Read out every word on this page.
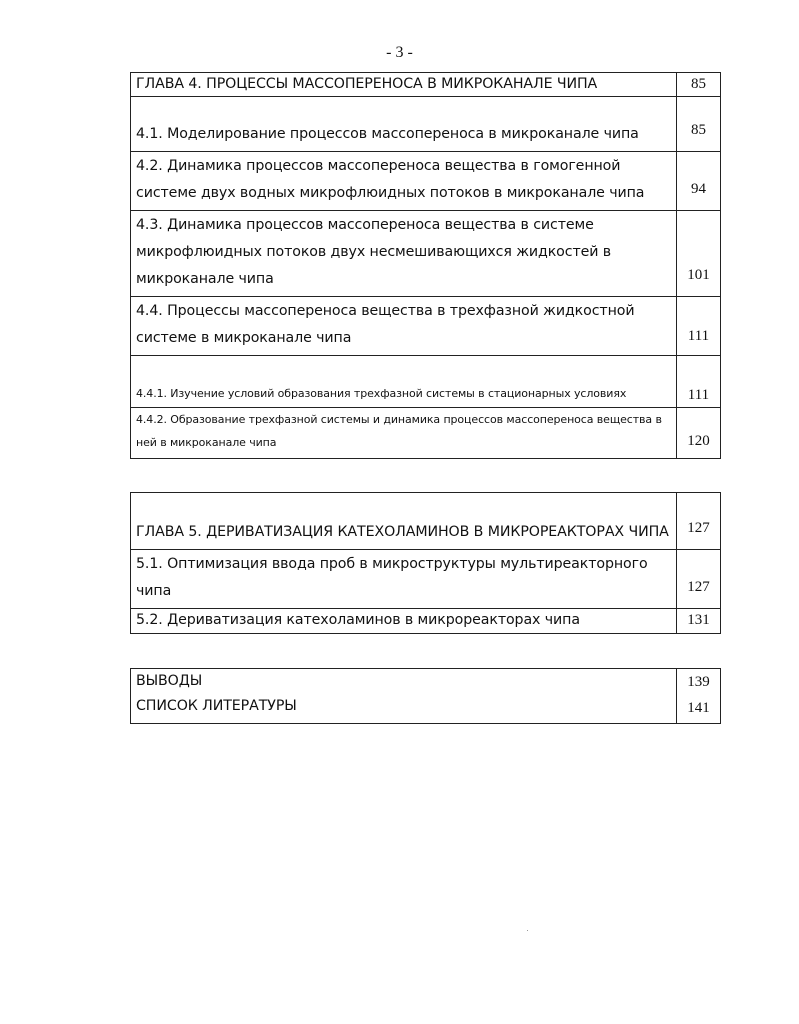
- 3 -
ГЛАВА 4. ПРОЦЕССЫ МАССОПЕРЕНОСА В МИКРОКАНАЛЕ ЧИПА	85
4.1. Моделирование процессов массопереноса в микроканале чипа	85
4.2. Динамика процессов массопереноса вещества в гомогенной системе двух водных микрофлюидных потоков в микроканале чипа	94
4.3. Динамика процессов массопереноса вещества в системе микрофлюидных потоков двух несмешивающихся жидкостей в микроканале чипа	101
4.4. Процессы массопереноса вещества в трехфазной жидкостной системе в микроканале чипа	111
4.4.1. Изучение условий образования трехфазной системы в стационарных условиях	111
4.4.2. Образование трехфазной системы и динамика процессов массопереноса вещества в ней в микроканале чипа	120
ГЛАВА 5. ДЕРИВАТИЗАЦИЯ КАТЕХОЛАМИНОВ В МИКРОРЕАКТОРАХ ЧИПА	127
5.1. Оптимизация ввода проб в микроструктуры мультиреакторного чипа	127
5.2. Дериватизация катехоламинов в микрореакторах чипа	131
ВЫВОДЫ	139
СПИСОК ЛИТЕРАТУРЫ	141
